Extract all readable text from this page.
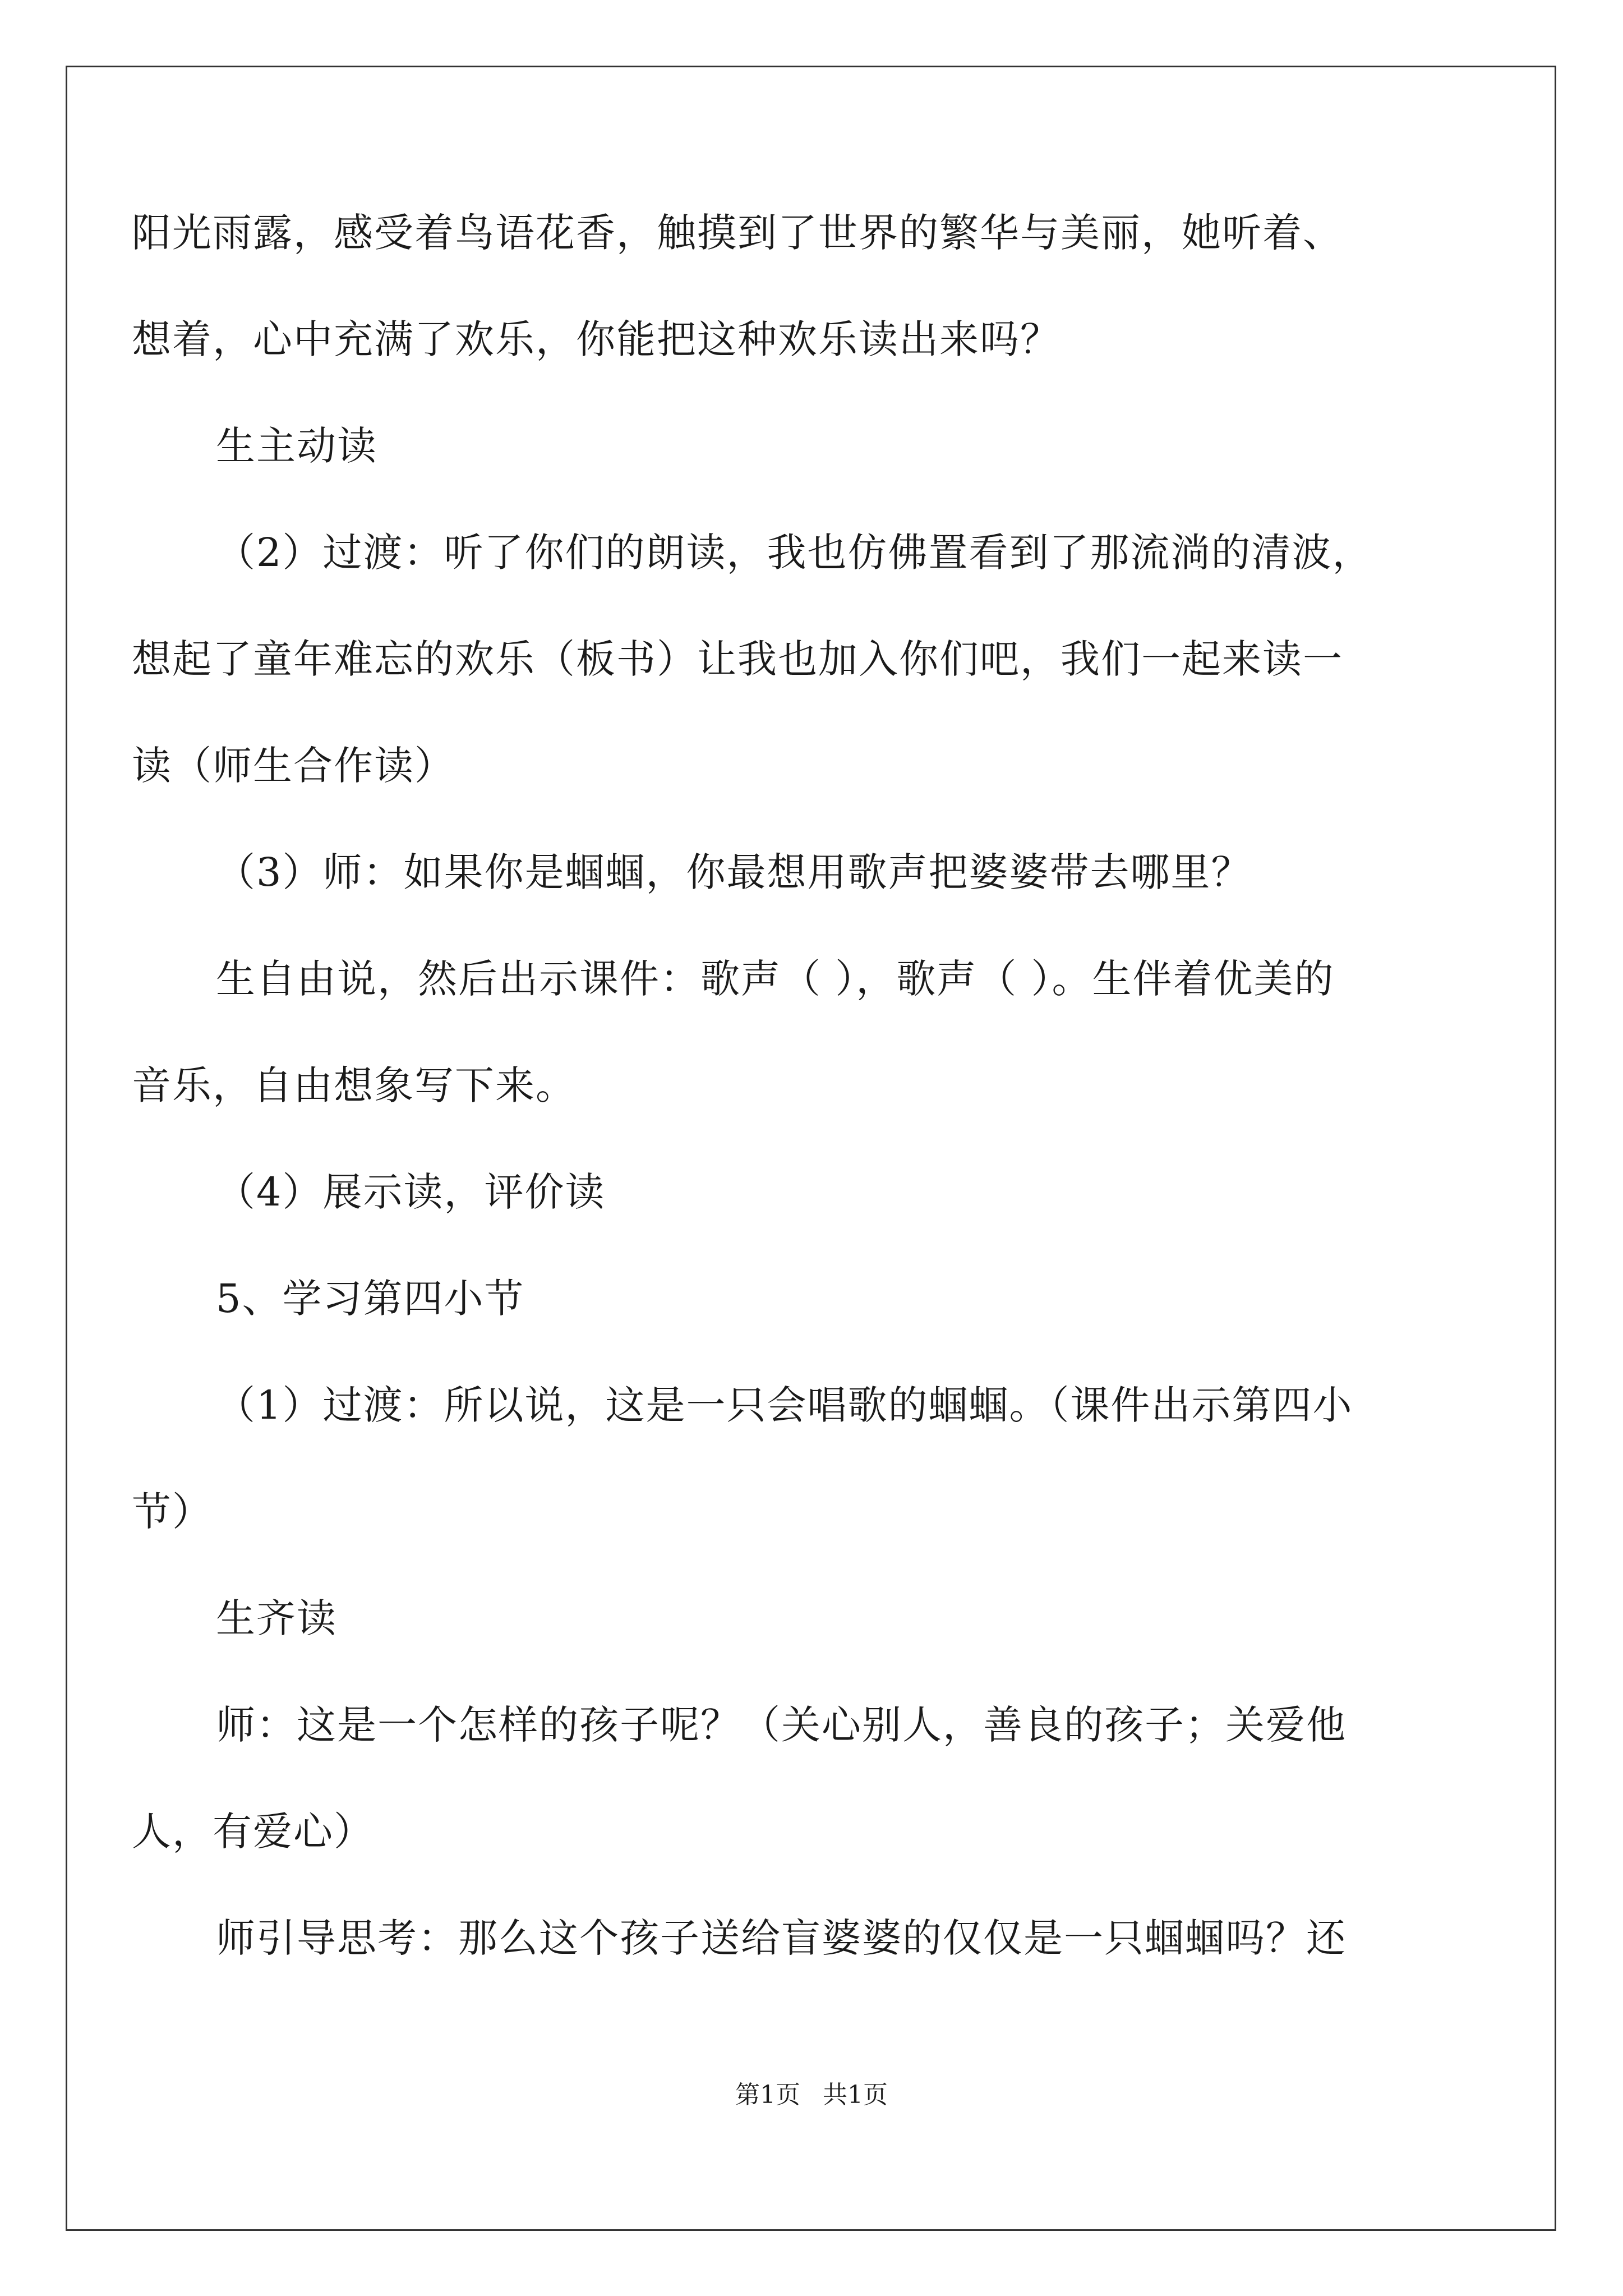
阳光雨露，感受着鸟语花香，触摸到了世界的繁华与美丽，她听着、
想着，心中充满了欢乐，你能把这种欢乐读出来吗？
生主动读
（2）过渡：听了你们的朗读，我也仿佛置看到了那流淌的清波，
想起了童年难忘的欢乐（板书）让我也加入你们吧，我们一起来读一
读（师生合作读）
（3）师：如果你是蝈蝈，你最想用歌声把婆婆带去哪里？
生自由说，然后出示课件：歌声（ ），歌声（ ）。生伴着优美的
音乐，自由想象写下来。
（4）展示读，评价读
5、学习第四小节
（1）过渡：所以说，这是一只会唱歌的蝈蝈。（课件出示第四小
节）
生齐读
师：这是一个怎样的孩子呢？（关心别人，善良的孩子；关爱他
人，有爱心）
师引导思考：那么这个孩子送给盲婆婆的仅仅是一只蝈蝈吗？还
第1页 共1页
